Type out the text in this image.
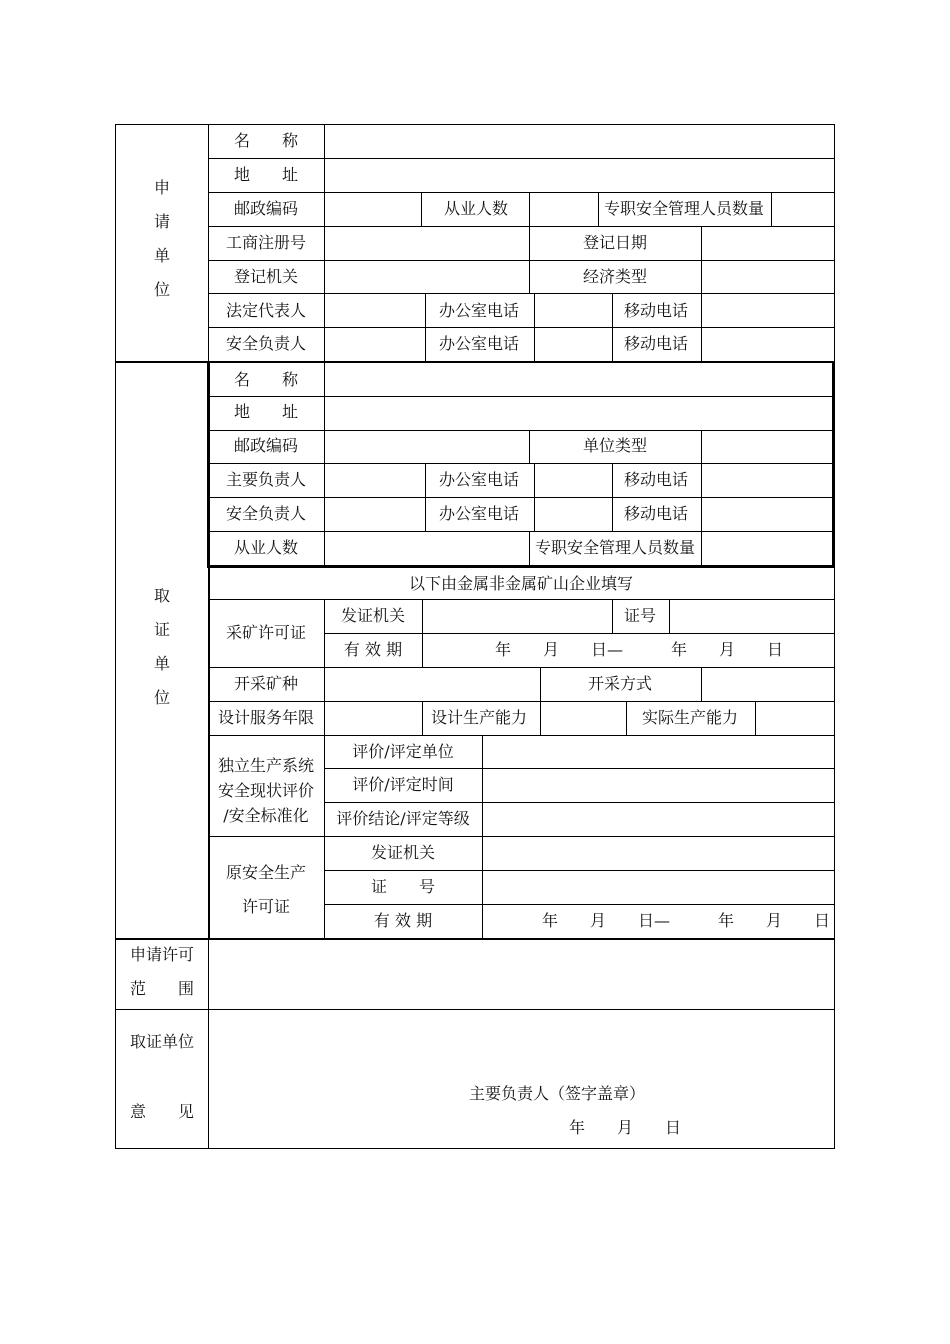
申
请
单
位
名　　称
地　　址
邮政编码	从业人数	专职安全管理人员数量
工商注册号	登记日期
登记机关	经济类型
法定代表人	办公室电话	移动电话
安全负责人	办公室电话	移动电话
取
证
单
位
名　　称
地　　址
邮政编码	单位类型
主要负责人	办公室电话	移动电话
安全负责人	办公室电话	移动电话
从业人数	专职安全管理人员数量
以下由金属非金属矿山企业填写
采矿许可证
发证机关	证号
有 效 期	年　　月　　日—　　　年　　月　　日
开采矿种	开采方式
设计服务年限	设计生产能力	实际生产能力
独立生产系统
安全现状评价
/安全标准化
评价/评定单位
评价/评定时间
评价结论/评定等级
原安全生产
许可证
发证机关
证　　号
有 效 期	年　　月　　日—　　　年　　月　　日
申请许可
范　　围
取证单位
意　　见
主要负责人（签字盖章）
年　　月　　日
